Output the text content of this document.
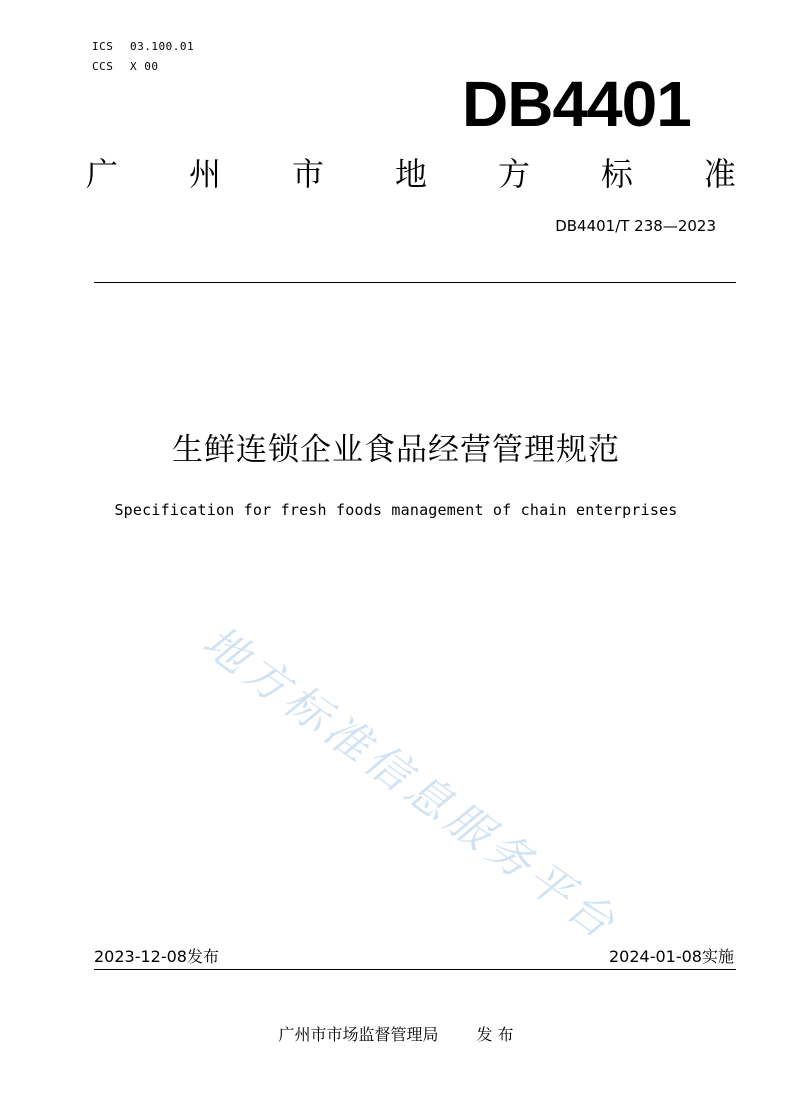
ICS 03.100.01
CCS X 00
DB4401
广 州 市 地 方 标 准
DB4401/T 238—2023
生鲜连锁企业食品经营管理规范
Specification for fresh foods management of chain enterprises
地方标准信息服务平台
2023-12-08发布	2024-01-08实施
广州市市场监督管理局 发 布
